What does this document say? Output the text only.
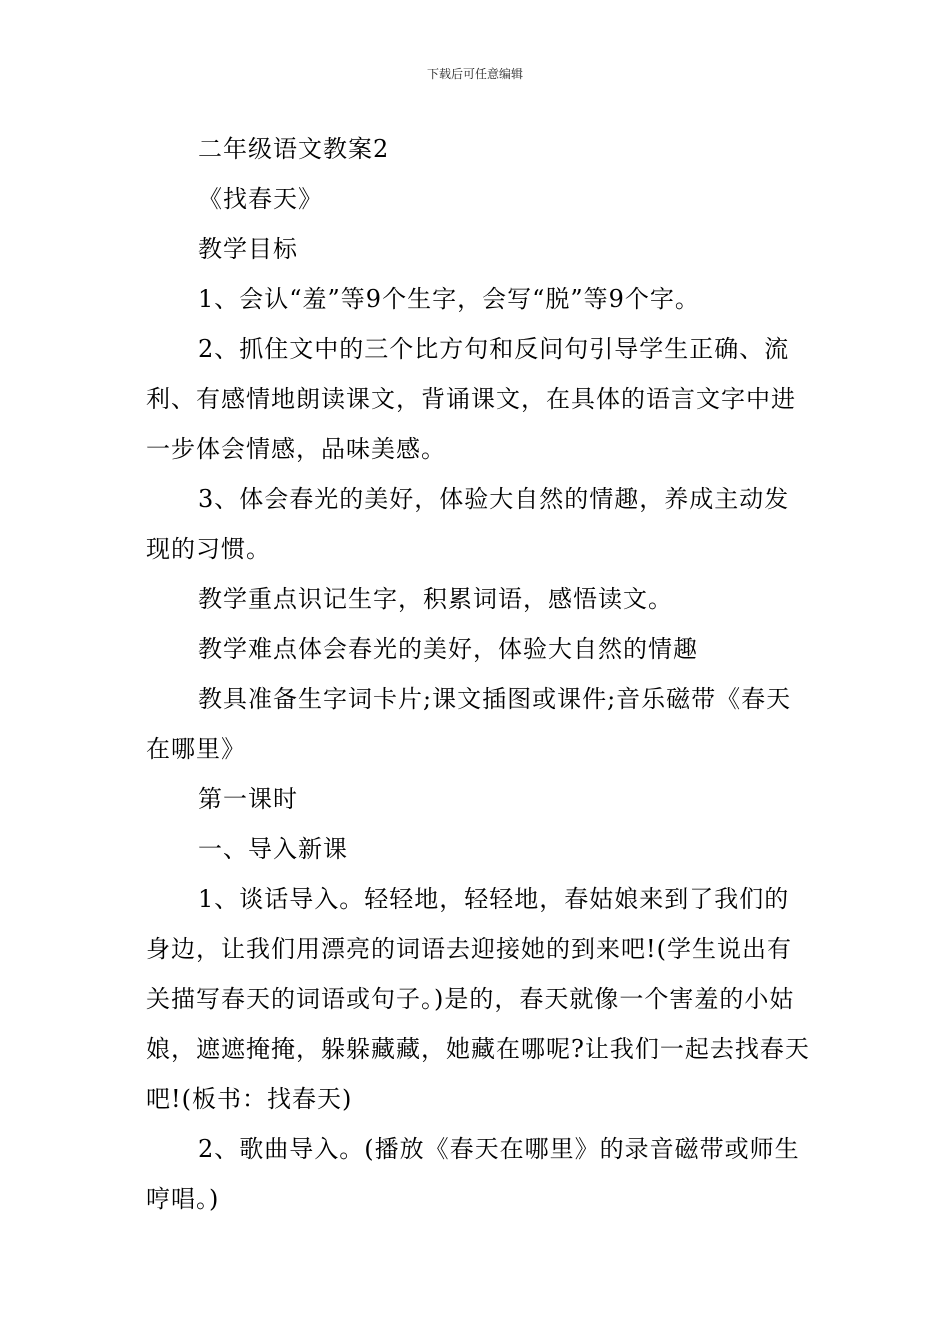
下载后可任意编辑

二年级语文教案2

《找春天》

教学目标

1、会认“羞”等9个生字，会写“脱”等9个字。

2、抓住文中的三个比方句和反问句引导学生正确、流利、有感情地朗读课文，背诵课文，在具体的语言文字中进一步体会情感，品味美感。

3、体会春光的美好，体验大自然的情趣，养成主动发现的习惯。

教学重点识记生字，积累词语，感悟读文。

教学难点体会春光的美好，体验大自然的情趣

教具准备生字词卡片;课文插图或课件;音乐磁带《春天在哪里》

第一课时

一、导入新课

1、谈话导入。轻轻地，轻轻地，春姑娘来到了我们的身边，让我们用漂亮的词语去迎接她的到来吧!(学生说出有关描写春天的词语或句子。)是的，春天就像一个害羞的小姑娘，遮遮掩掩，躲躲藏藏，她藏在哪呢?让我们一起去找春天吧!(板书：找春天)

2、歌曲导入。(播放《春天在哪里》的录音磁带或师生哼唱。)
